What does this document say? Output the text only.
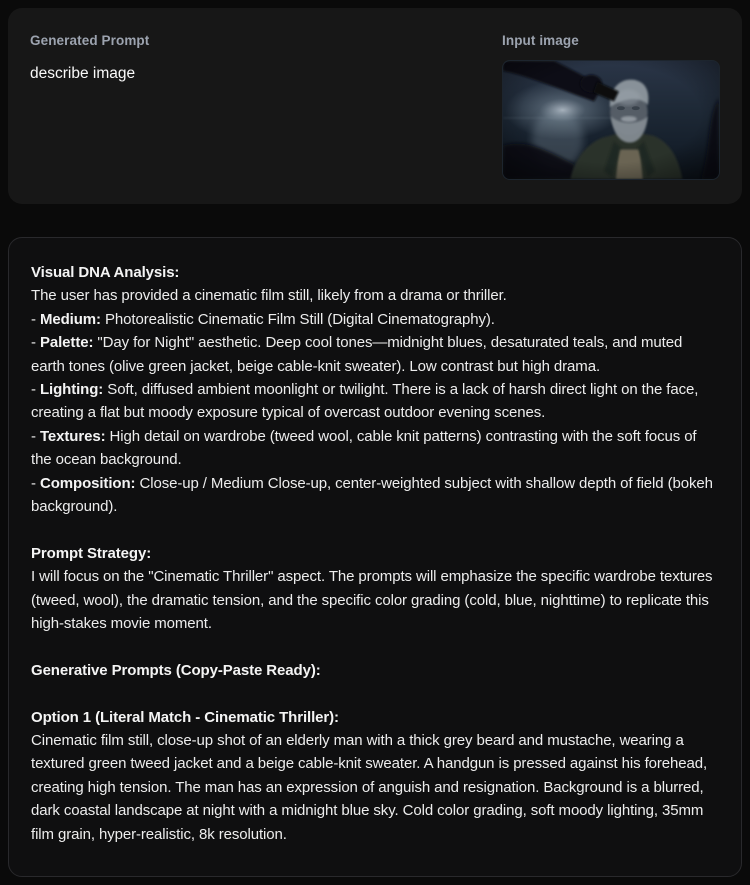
Generated Prompt
describe image
Input image
Visual DNA Analysis:
The user has provided a cinematic film still, likely from a drama or thriller.
- Medium: Photorealistic Cinematic Film Still (Digital Cinematography).
- Palette: "Day for Night" aesthetic. Deep cool tones—midnight blues, desaturated teals, and muted earth tones (olive green jacket, beige cable-knit sweater). Low contrast but high drama.
- Lighting: Soft, diffused ambient moonlight or twilight. There is a lack of harsh direct light on the face, creating a flat but moody exposure typical of overcast outdoor evening scenes.
- Textures: High detail on wardrobe (tweed wool, cable knit patterns) contrasting with the soft focus of the ocean background.
- Composition: Close-up / Medium Close-up, center-weighted subject with shallow depth of field (bokeh background).
Prompt Strategy:
I will focus on the "Cinematic Thriller" aspect. The prompts will emphasize the specific wardrobe textures (tweed, wool), the dramatic tension, and the specific color grading (cold, blue, nighttime) to replicate this high-stakes movie moment.
Generative Prompts (Copy-Paste Ready):
Option 1 (Literal Match - Cinematic Thriller):
Cinematic film still, close-up shot of an elderly man with a thick grey beard and mustache, wearing a textured green tweed jacket and a beige cable-knit sweater. A handgun is pressed against his forehead, creating high tension. The man has an expression of anguish and resignation. Background is a blurred, dark coastal landscape at night with a midnight blue sky. Cold color grading, soft moody lighting, 35mm film grain, hyper-realistic, 8k resolution.
